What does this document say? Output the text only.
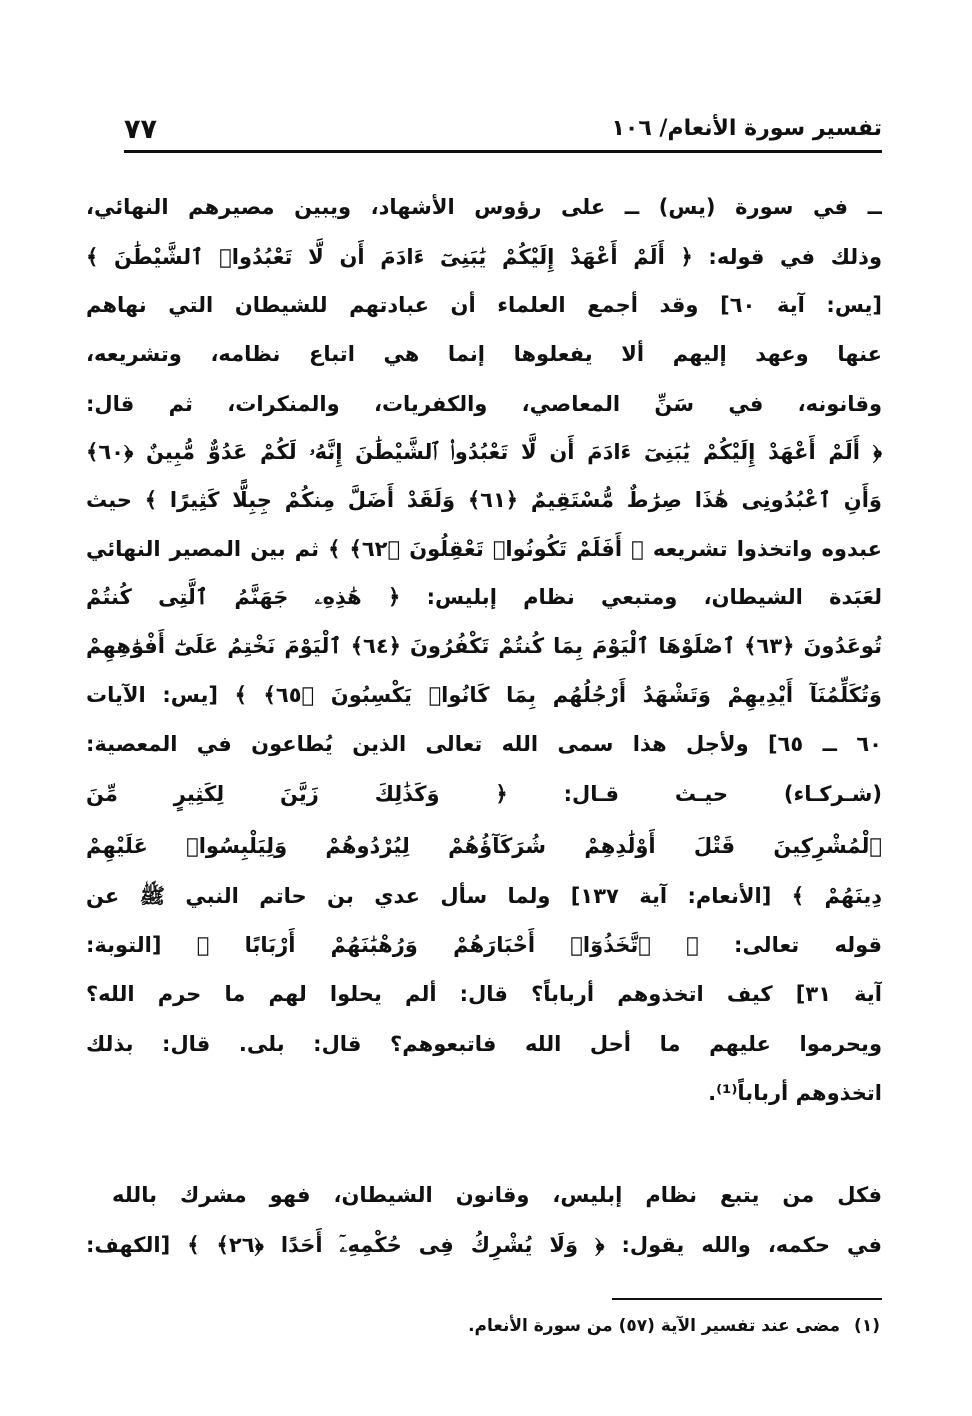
٧٧	تفسير سورة الأنعام/ ١٠٦
ــ في سورة (يس) ــ على رؤوس الأشهاد، ويبين مصيرهم النهائي،
وذلك في قوله: ﴿ أَلَمْ أَعْهَدْ إِلَيْكُمْ يَٰبَنِىٓ ءَادَمَ أَن لَّا تَعْبُدُوا۟ ٱلشَّيْطَٰنَ ﴾
[يس: آية ٦٠] وقد أجمع العلماء أن عبادتهم للشيطان التي نهاهم
عنها وعهد إليهم ألا يفعلوها إنما هي اتباع نظامه، وتشريعه،
وقانونه، في سَنِّ المعاصي، والكفريات، والمنكرات، ثم قال:
﴿ أَلَمْ أَعْهَدْ إِلَيْكُمْ يَٰبَنِىٓ ءَادَمَ أَن لَّا تَعْبُدُوا۟ ٱلشَّيْطَٰنَ إِنَّهُۥ لَكُمْ عَدُوٌّ مُّبِينٌ ﴿٦٠﴾
وَأَنِ ٱعْبُدُونِى هَٰذَا صِرَٰطٌ مُّسْتَقِيمٌ ﴿٦١﴾ وَلَقَدْ أَضَلَّ مِنكُمْ جِبِلًّا كَثِيرًا ﴾ حيث
عبدوه واتخذوا تشريعه ﴿ أَفَلَمْ تَكُونُوا۟ تَعْقِلُونَ ﴿٦٢﴾ ﴾ ثم بين المصير النهائي
لعَبَدة الشيطان، ومتبعي نظام إبليس: ﴿ هَٰذِهِۦ جَهَنَّمُ ٱلَّتِى كُنتُمْ
تُوعَدُونَ ﴿٦٣﴾ ٱصْلَوْهَا ٱلْيَوْمَ بِمَا كُنتُمْ تَكْفُرُونَ ﴿٦٤﴾ ٱلْيَوْمَ نَخْتِمُ عَلَىٰٓ أَفْوَٰهِهِمْ
وَتُكَلِّمُنَآ أَيْدِيهِمْ وَتَشْهَدُ أَرْجُلُهُم بِمَا كَانُوا۟ يَكْسِبُونَ ﴿٦٥﴾ ﴾ [يس: الآيات
٦٠ ــ ٦٥] ولأجل هذا سمى الله تعالى الذين يُطاعون في المعصية:
(شـركـاء) حيـث قـال: ﴿ وَكَذَٰلِكَ زَيَّنَ لِكَثِيرٍ مِّنَ
ٱلْمُشْرِكِينَ قَتْلَ أَوْلَٰدِهِمْ شُرَكَآؤُهُمْ لِيُرْدُوهُمْ وَلِيَلْبِسُوا۟ عَلَيْهِمْ
دِينَهُمْ ﴾ [الأنعام: آية ١٣٧] ولما سأل عدي بن حاتم النبي ﷺ عن
قوله تعالى: ﴿ ٱتَّخَذُوٓا۟ أَحْبَارَهُمْ وَرُهْبَٰنَهُمْ أَرْبَابًا ﴾ [التوبة:
آية ٣١] كيف اتخذوهم أرباباً؟ قال: ألم يحلوا لهم ما حرم الله؟
ويحرموا عليهم ما أحل الله فاتبعوهم؟ قال: بلى. قال: بذلك
اتخذوهم أرباباً⁽¹⁾.
فكل من يتبع نظام إبليس، وقانون الشيطان، فهو مشرك بالله
في حكمه، والله يقول: ﴿ وَلَا يُشْرِكُ فِى حُكْمِهِۦٓ أَحَدًا ﴿٢٦﴾ ﴾ [الكهف:
(١)مضى عند تفسير الآية (٥٧) من سورة الأنعام.
